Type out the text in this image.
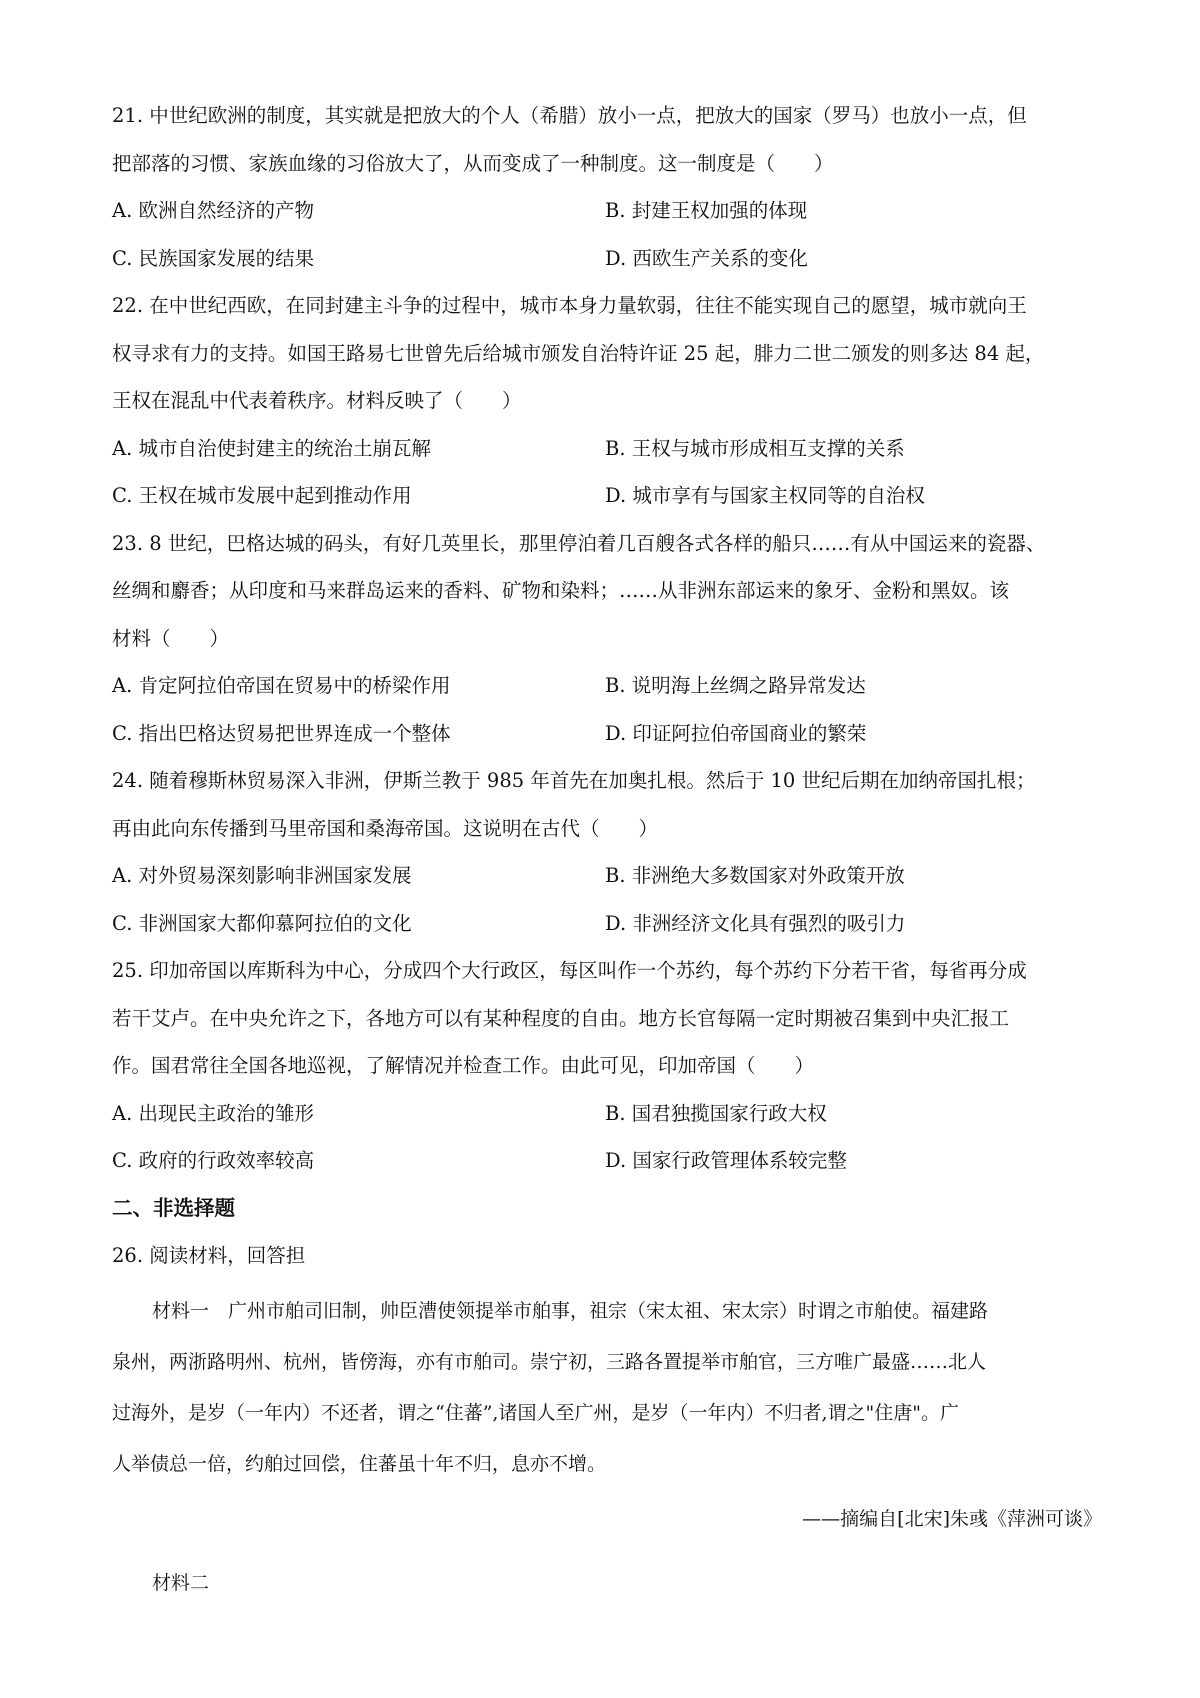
21. 中世纪欧洲的制度，其实就是把放大的个人（希腊）放小一点，把放大的国家（罗马）也放小一点，但
把部落的习惯、家族血缘的习俗放大了，从而变成了一种制度。这一制度是（　　）
A. 欧洲自然经济的产物	B. 封建王权加强的体现
C. 民族国家发展的结果	D. 西欧生产关系的变化
22. 在中世纪西欧，在同封建主斗争的过程中，城市本身力量软弱，往往不能实现自己的愿望，城市就向王
权寻求有力的支持。如国王路易七世曾先后给城市颁发自治特许证 25 起，腓力二世二颁发的则多达 84 起，
王权在混乱中代表着秩序。材料反映了（　　）
A. 城市自治使封建主的统治土崩瓦解	B. 王权与城市形成相互支撑的关系
C. 王权在城市发展中起到推动作用	D. 城市享有与国家主权同等的自治权
23. 8 世纪，巴格达城的码头，有好几英里长，那里停泊着几百艘各式各样的船只……有从中国运来的瓷器、
丝绸和麝香；从印度和马来群岛运来的香料、矿物和染料；……从非洲东部运来的象牙、金粉和黑奴。该
材料（　　）
A. 肯定阿拉伯帝国在贸易中的桥梁作用	B. 说明海上丝绸之路异常发达
C. 指出巴格达贸易把世界连成一个整体	D. 印证阿拉伯帝国商业的繁荣
24. 随着穆斯林贸易深入非洲，伊斯兰教于 985 年首先在加奥扎根。然后于 10 世纪后期在加纳帝国扎根；
再由此向东传播到马里帝国和桑海帝国。这说明在古代（　　）
A. 对外贸易深刻影响非洲国家发展	B. 非洲绝大多数国家对外政策开放
C. 非洲国家大都仰慕阿拉伯的文化	D. 非洲经济文化具有强烈的吸引力
25. 印加帝国以库斯科为中心，分成四个大行政区，每区叫作一个苏约，每个苏约下分若干省，每省再分成
若干艾卢。在中央允许之下，各地方可以有某种程度的自由。地方长官每隔一定时期被召集到中央汇报工
作。国君常往全国各地巡视，了解情况并检查工作。由此可见，印加帝国（　　）
A. 出现民主政治的雏形	B. 国君独揽国家行政大权
C. 政府的行政效率较高	D. 国家行政管理体系较完整
二、非选择题
26. 阅读材料，回答担
材料一　广州市舶司旧制，帅臣漕使领提举市舶事，祖宗（宋太祖、宋太宗）时谓之市舶使。福建路
泉州，两浙路明州、杭州，皆傍海，亦有市舶司。崇宁初，三路各置提举市舶官，三方唯广最盛……北人
过海外，是岁（一年内）不还者，谓之“住蕃”,诸国人至广州，是岁（一年内）不归者,谓之"住唐"。广
人举债总一倍，约舶过回偿，住蕃虽十年不归，息亦不增。
——摘编自[北宋]朱彧《萍洲可谈》
材料二
